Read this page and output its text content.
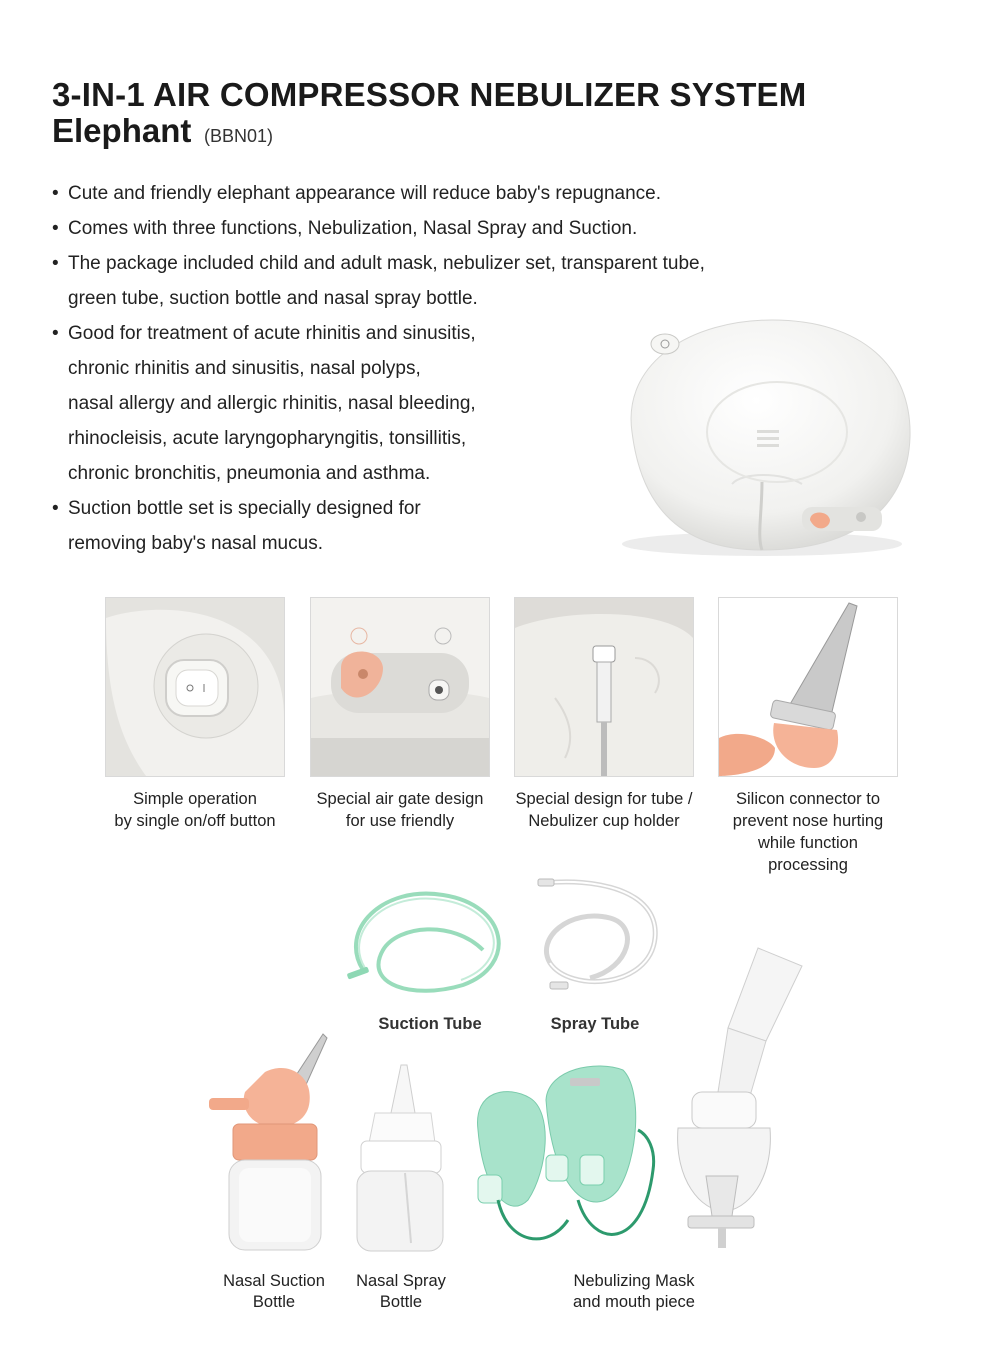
3-IN-1 AIR COMPRESSOR NEBULIZER SYSTEM
Elephant (BBN01)
• Cute and friendly elephant appearance will reduce baby's repugnance.
• Comes with three functions, Nebulization, Nasal Spray and Suction.
• The package included child and adult mask, nebulizer set, transparent tube,
green tube, suction bottle and nasal spray bottle.
• Good for treatment of acute rhinitis and sinusitis,
chronic rhinitis and sinusitis, nasal polyps,
nasal allergy and allergic rhinitis, nasal bleeding,
rhinocleisis, acute laryngopharyngitis, tonsillitis,
chronic bronchitis, pneumonia and asthma.
• Suction bottle set is specially designed for
removing baby's nasal mucus.
Simple operation
by single on/off button
Special air gate design
for use friendly
Special design for tube /
Nebulizer cup holder
Silicon connector to
prevent nose hurting
while function
processing
Suction Tube	Spray Tube
Nasal Suction
Bottle
Nasal Spray
Bottle
Nebulizing Mask
and mouth piece
